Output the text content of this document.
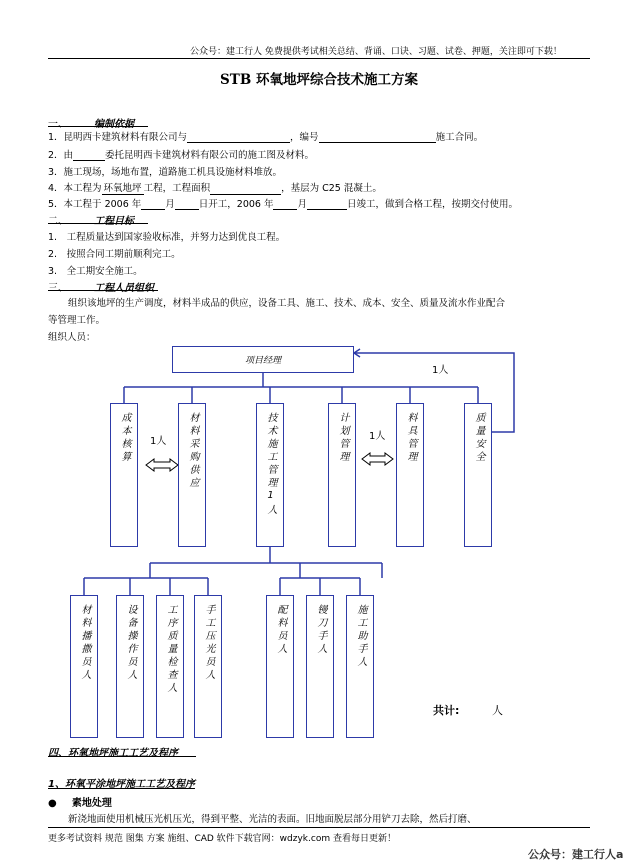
公众号：建工行人 免费提供考试相关总结、背诵、口诀、习题、试卷、押题，关注即可下载！
STB 环氧地坪综合技术施工方案
一、	编制依据
1．昆明西卡建筑材料有限公司与	，编号	施工合同。
2．由	委托昆明西卡建筑材料有限公司的施工图及材料。
3．施工现场，场地布置，道路施工机具设施材料堆放。
4．本工程为 环氧地坪 工程，工程面积	，基层为 C25 混凝土。
5．本工程于 2006 年	月	日开工，2006 年	月	日竣工，做到合格工程，按期交付使用。
二、	工程目标
1.　工程质量达到国家验收标准，并努力达到优良工程。
2.　按照合同工期前顺利完工。
3.　全工期安全施工。
三、	工程人员组织
组织该地坪的生产调度，材料半成品的供应，设备工具、施工、技术、成本、安全、质量及流水作业配合
等管理工作。
组织人员：
项目经理
1人
成本核算	材料采购供应	技术施工管理1人	计划管理	料具管理	质量安全
1人	1人
材料播撒员人	设备操作员人	工序质量检查人	手工压光员人	配料员人	镘刀手人	施工助手人
共计:	人
四、环氧地坪施工工艺及程序
1、环氧平涂地坪施工工艺及程序
● 素地处理
新浇地面使用机械压光机压光，得到平整、光洁的表面。旧地面脱层部分用铲刀去除，然后打磨、
更多考试资料 规范 图集 方案 施组、CAD 软件下载官网：wdzyk.com 查看每日更新！
公众号：建工行人a
